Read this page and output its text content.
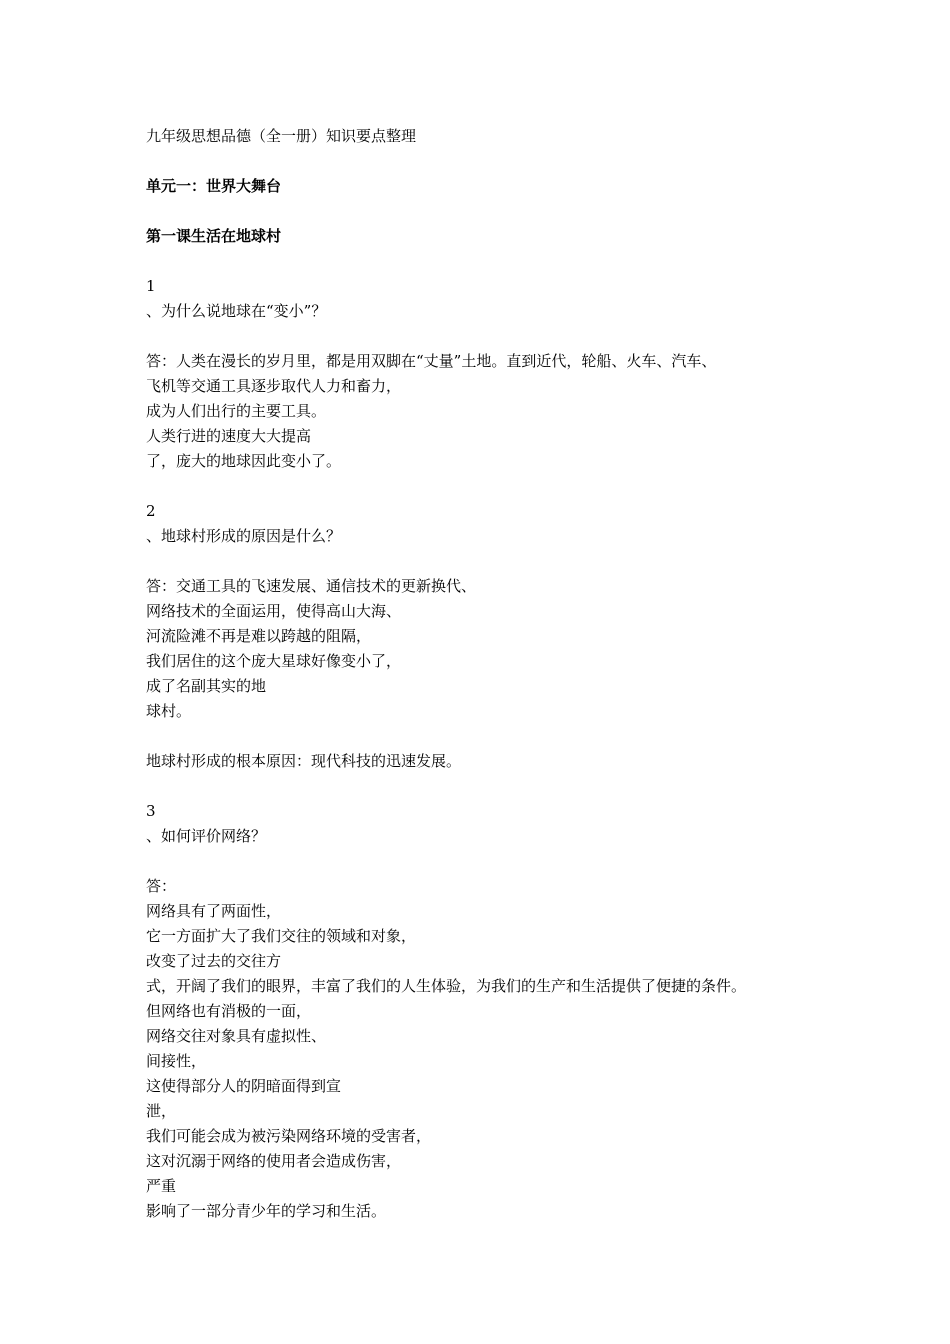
九年级思想品德（全一册）知识要点整理
单元一：世界大舞台
第一课生活在地球村
1
、为什么说地球在“变小”？
答：人类在漫长的岁月里，都是用双脚在“丈量”土地。直到近代，轮船、火车、汽车、
飞机等交通工具逐步取代人力和畜力，
成为人们出行的主要工具。
人类行进的速度大大提高
了，庞大的地球因此变小了。
2
、地球村形成的原因是什么？
答：交通工具的飞速发展、通信技术的更新换代、
网络技术的全面运用，使得高山大海、
河流险滩不再是难以跨越的阻隔，
我们居住的这个庞大星球好像变小了，
成了名副其实的地
球村。
地球村形成的根本原因：现代科技的迅速发展。
3
、如何评价网络？
答：
网络具有了两面性，
它一方面扩大了我们交往的领域和对象，
改变了过去的交往方
式，开阔了我们的眼界，丰富了我们的人生体验，为我们的生产和生活提供了便捷的条件。
但网络也有消极的一面，
网络交往对象具有虚拟性、
间接性，
这使得部分人的阴暗面得到宣
泄，
我们可能会成为被污染网络环境的受害者，
这对沉溺于网络的使用者会造成伤害，
严重
影响了一部分青少年的学习和生活。
